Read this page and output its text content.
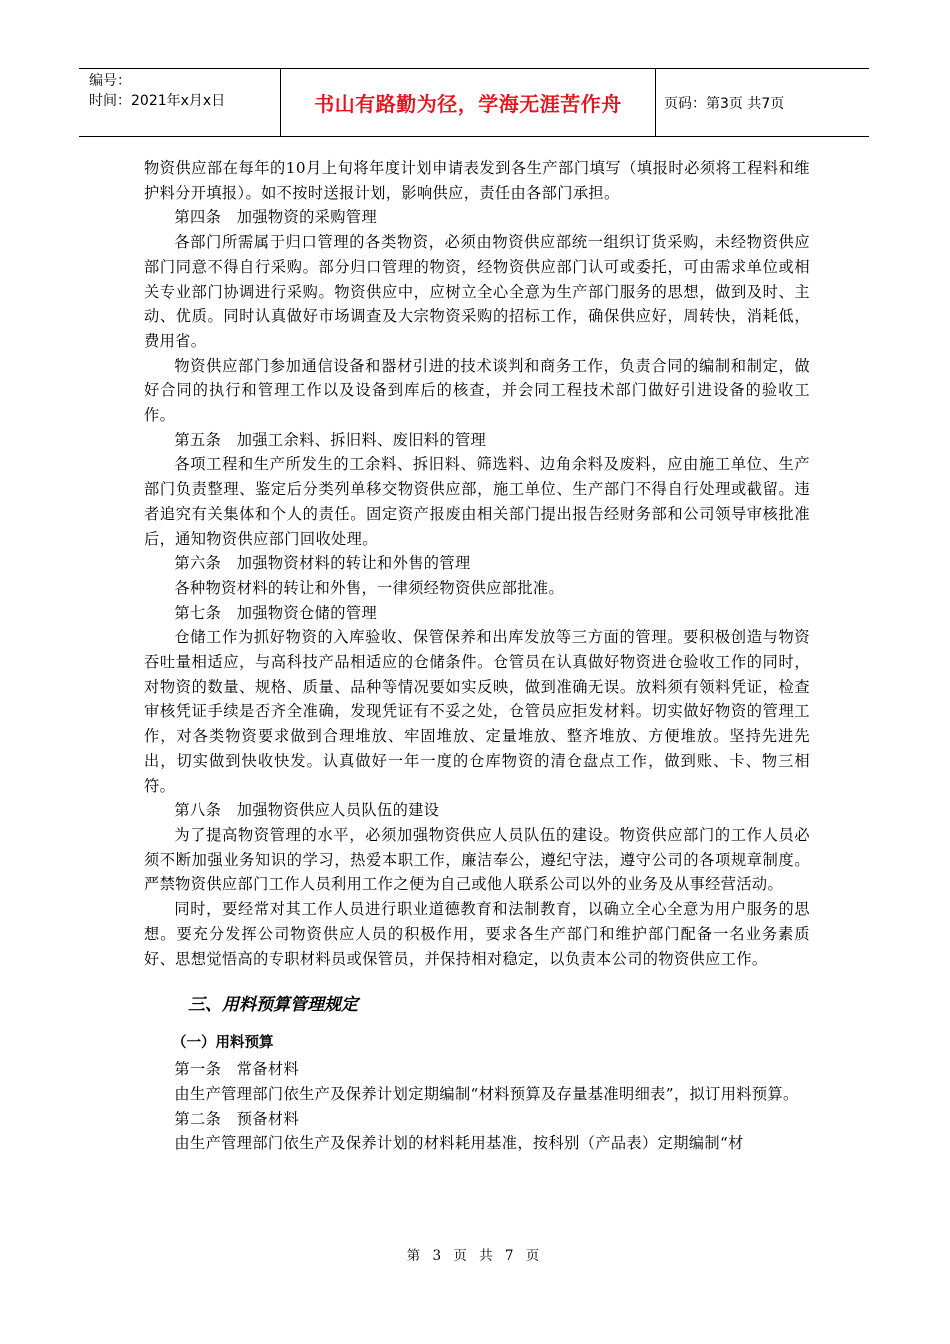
编号：
时间：2021年x月x日	书山有路勤为径，学海无涯苦作舟	页码：第3页 共7页

物资供应部在每年的10月上旬将年度计划申请表发到各生产部门填写（填报时必须将工程料和维护料分开填报）。如不按时送报计划，影响供应，责任由各部门承担。

第四条　加强物资的采购管理

各部门所需属于归口管理的各类物资，必须由物资供应部统一组织订货采购，未经物资供应部门同意不得自行采购。部分归口管理的物资，经物资供应部门认可或委托，可由需求单位或相关专业部门协调进行采购。物资供应中，应树立全心全意为生产部门服务的思想，做到及时、主动、优质。同时认真做好市场调查及大宗物资采购的招标工作，确保供应好，周转快，消耗低，费用省。

物资供应部门参加通信设备和器材引进的技术谈判和商务工作，负责合同的编制和制定，做好合同的执行和管理工作以及设备到库后的核查，并会同工程技术部门做好引进设备的验收工作。

第五条　加强工余料、拆旧料、废旧料的管理

各项工程和生产所发生的工余料、拆旧料、筛选料、边角余料及废料，应由施工单位、生产部门负责整理、鉴定后分类列单移交物资供应部，施工单位、生产部门不得自行处理或截留。违者追究有关集体和个人的责任。固定资产报废由相关部门提出报告经财务部和公司领导审核批准后，通知物资供应部门回收处理。

第六条　加强物资材料的转让和外售的管理

各种物资材料的转让和外售，一律须经物资供应部批准。

第七条　加强物资仓储的管理

仓储工作为抓好物资的入库验收、保管保养和出库发放等三方面的管理。要积极创造与物资吞吐量相适应，与高科技产品相适应的仓储条件。仓管员在认真做好物资进仓验收工作的同时，对物资的数量、规格、质量、品种等情况要如实反映，做到准确无误。放料须有领料凭证，检查审核凭证手续是否齐全准确，发现凭证有不妥之处，仓管员应拒发材料。切实做好物资的管理工作，对各类物资要求做到合理堆放、牢固堆放、定量堆放、整齐堆放、方便堆放。坚持先进先出，切实做到快收快发。认真做好一年一度的仓库物资的清仓盘点工作，做到账、卡、物三相符。

第八条　加强物资供应人员队伍的建设

为了提高物资管理的水平，必须加强物资供应人员队伍的建设。物资供应部门的工作人员必须不断加强业务知识的学习，热爱本职工作，廉洁奉公，遵纪守法，遵守公司的各项规章制度。严禁物资供应部门工作人员利用工作之便为自己或他人联系公司以外的业务及从事经营活动。

同时，要经常对其工作人员进行职业道德教育和法制教育，以确立全心全意为用户服务的思想。要充分发挥公司物资供应人员的积极作用，要求各生产部门和维护部门配备一名业务素质好、思想觉悟高的专职材料员或保管员，并保持相对稳定，以负责本公司的物资供应工作。

三、用料预算管理规定
（一）用料预算

第一条　常备材料

由生产管理部门依生产及保养计划定期编制“材料预算及存量基准明细表”，拟订用料预算。

第二条　预备材料

由生产管理部门依生产及保养计划的材料耗用基准，按科别（产品表）定期编制“材

第 3 页 共 7 页
